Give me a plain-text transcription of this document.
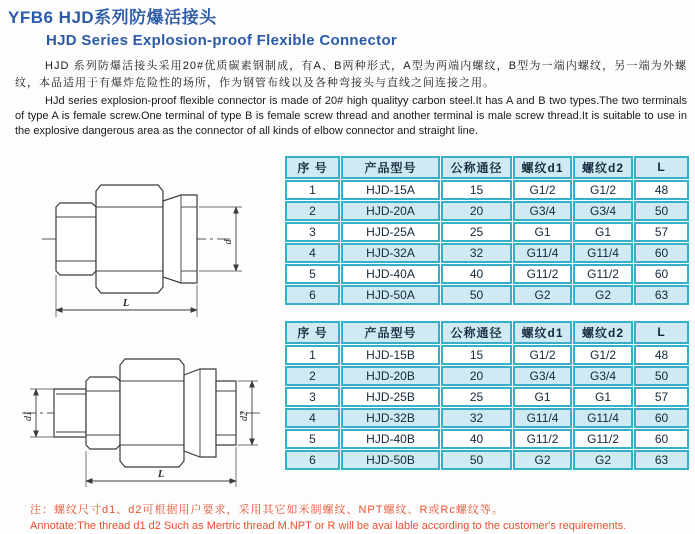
YFB6 HJD系列防爆活接头
HJD Series Explosion-proof Flexible Connector

HJD 系列防爆活接头采用20#优质碳素钢制成，有A、B两种形式，A型为两端内螺纹，B型为一端内螺纹，另一端为外螺纹，本品适用于有爆炸危险性的场所，作为钢管布线以及各种弯接头与直线之间连接之用。

HJd series explosion-proof flexible connector is made of 20# high qualityy carbon steel.It has A and B two types.The two terminals of type A is female screw.One terminal of type B is female screw thread and another terminal is male screw thread.It is suitable to use in the explosive dangerous area as the connector of all kinds of elbow connector and straight line.

d
L
d1	d2
L
序 号	产品型号	公称通径	螺纹d1	螺纹d2	L
1	HJD-15A	15	G1/2	G1/2	48
2	HJD-20A	20	G3/4	G3/4	50
3	HJD-25A	25	G1	G1	57
4	HJD-32A	32	G11/4	G11/4	60
5	HJD-40A	40	G11/2	G11/2	60
6	HJD-50A	50	G2	G2	63
序 号	产品型号	公称通径	螺纹d1	螺纹d2	L
1	HJD-15B	15	G1/2	G1/2	48
2	HJD-20B	20	G3/4	G3/4	50
3	HJD-25B	25	G1	G1	57
4	HJD-32B	32	G11/4	G11/4	60
5	HJD-40B	40	G11/2	G11/2	60
6	HJD-50B	50	G2	G2	63

注：螺纹尺寸d1、d2可根据用户要求，采用其它如米制螺纹、NPT螺纹、R或Rc螺纹等。

Annotate:The thread d1 d2 Such as Mertric thread M.NPT or R will be avai lable according to the customer's requirements.
